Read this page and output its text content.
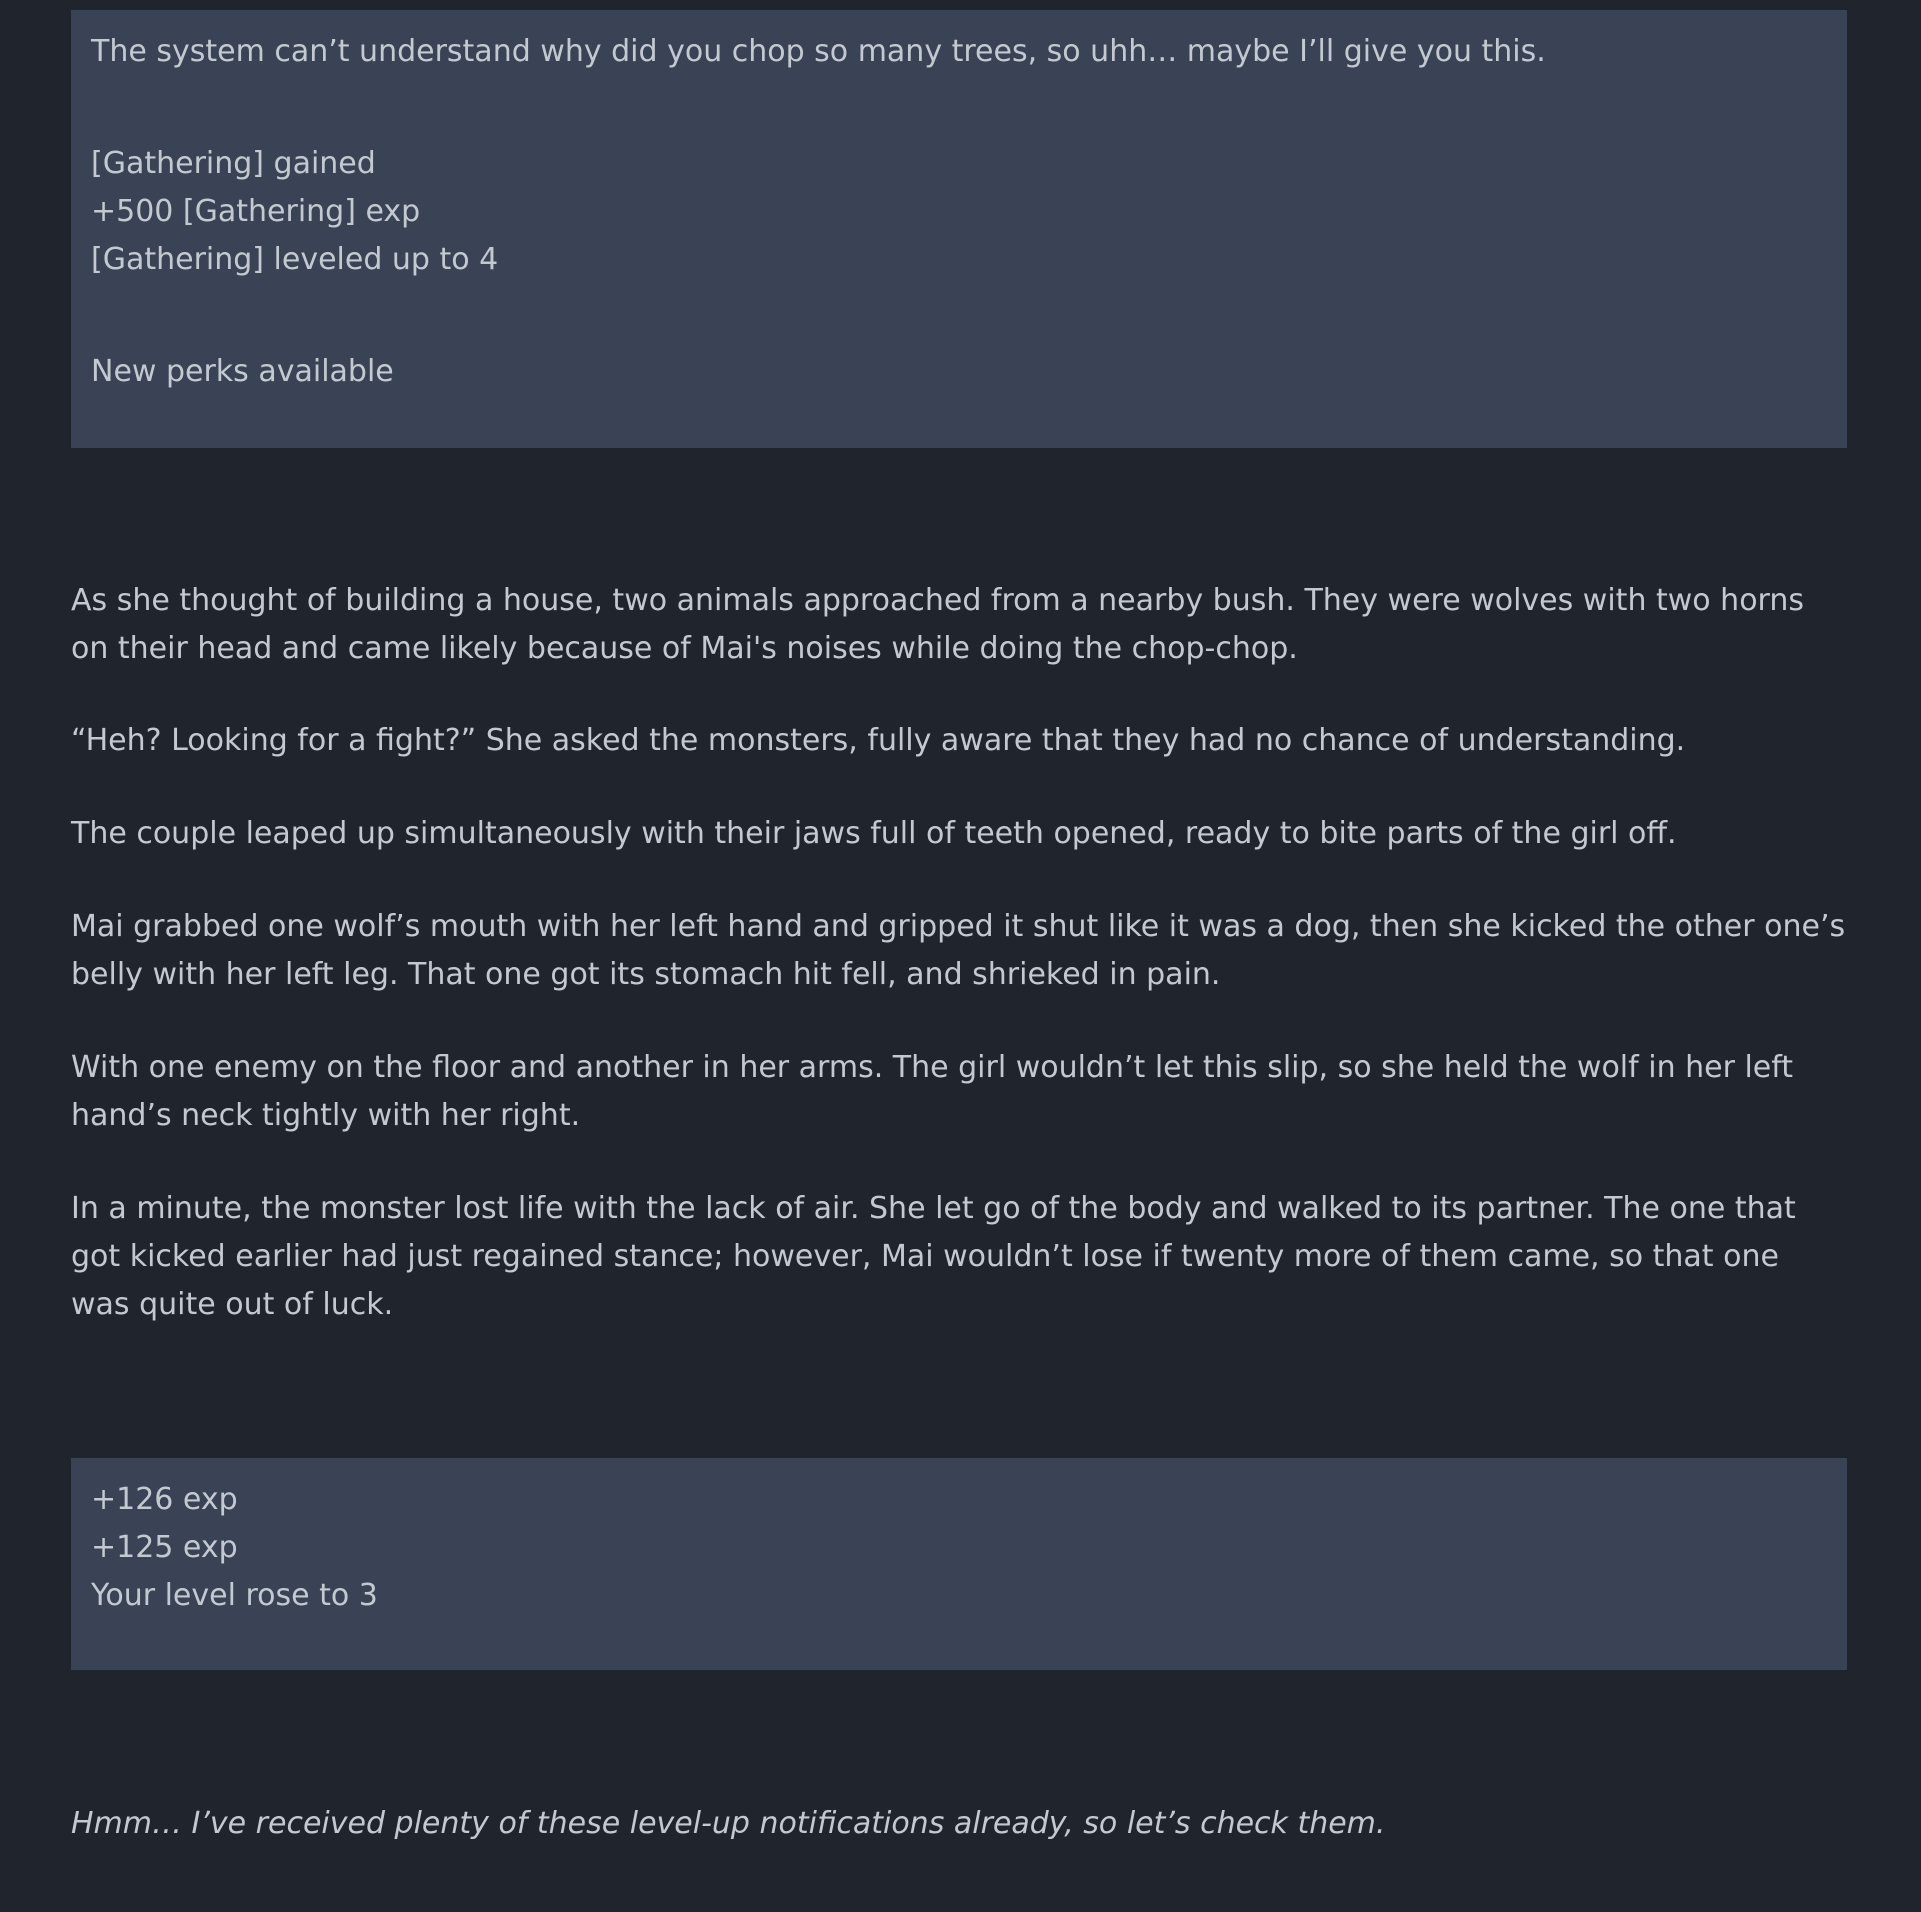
The system can’t understand why did you chop so many trees, so uhh… maybe I’ll give you this.
[Gathering] gained
+500 [Gathering] exp
[Gathering] leveled up to 4
New perks available

As she thought of building a house, two animals approached from a nearby bush. They were wolves with two horns on their head and came likely because of Mai's noises while doing the chop-chop.

“Heh? Looking for a fight?” She asked the monsters, fully aware that they had no chance of understanding.

The couple leaped up simultaneously with their jaws full of teeth opened, ready to bite parts of the girl off.

Mai grabbed one wolf’s mouth with her left hand and gripped it shut like it was a dog, then she kicked the other one’s belly with her left leg. That one got its stomach hit fell, and shrieked in pain.

With one enemy on the floor and another in her arms. The girl wouldn’t let this slip, so she held the wolf in her left hand’s neck tightly with her right.

In a minute, the monster lost life with the lack of air. She let go of the body and walked to its partner. The one that got kicked earlier had just regained stance; however, Mai wouldn’t lose if twenty more of them came, so that one was quite out of luck.

+126 exp
+125 exp
Your level rose to 3

Hmm… I’ve received plenty of these level-up notifications already, so let’s check them.
